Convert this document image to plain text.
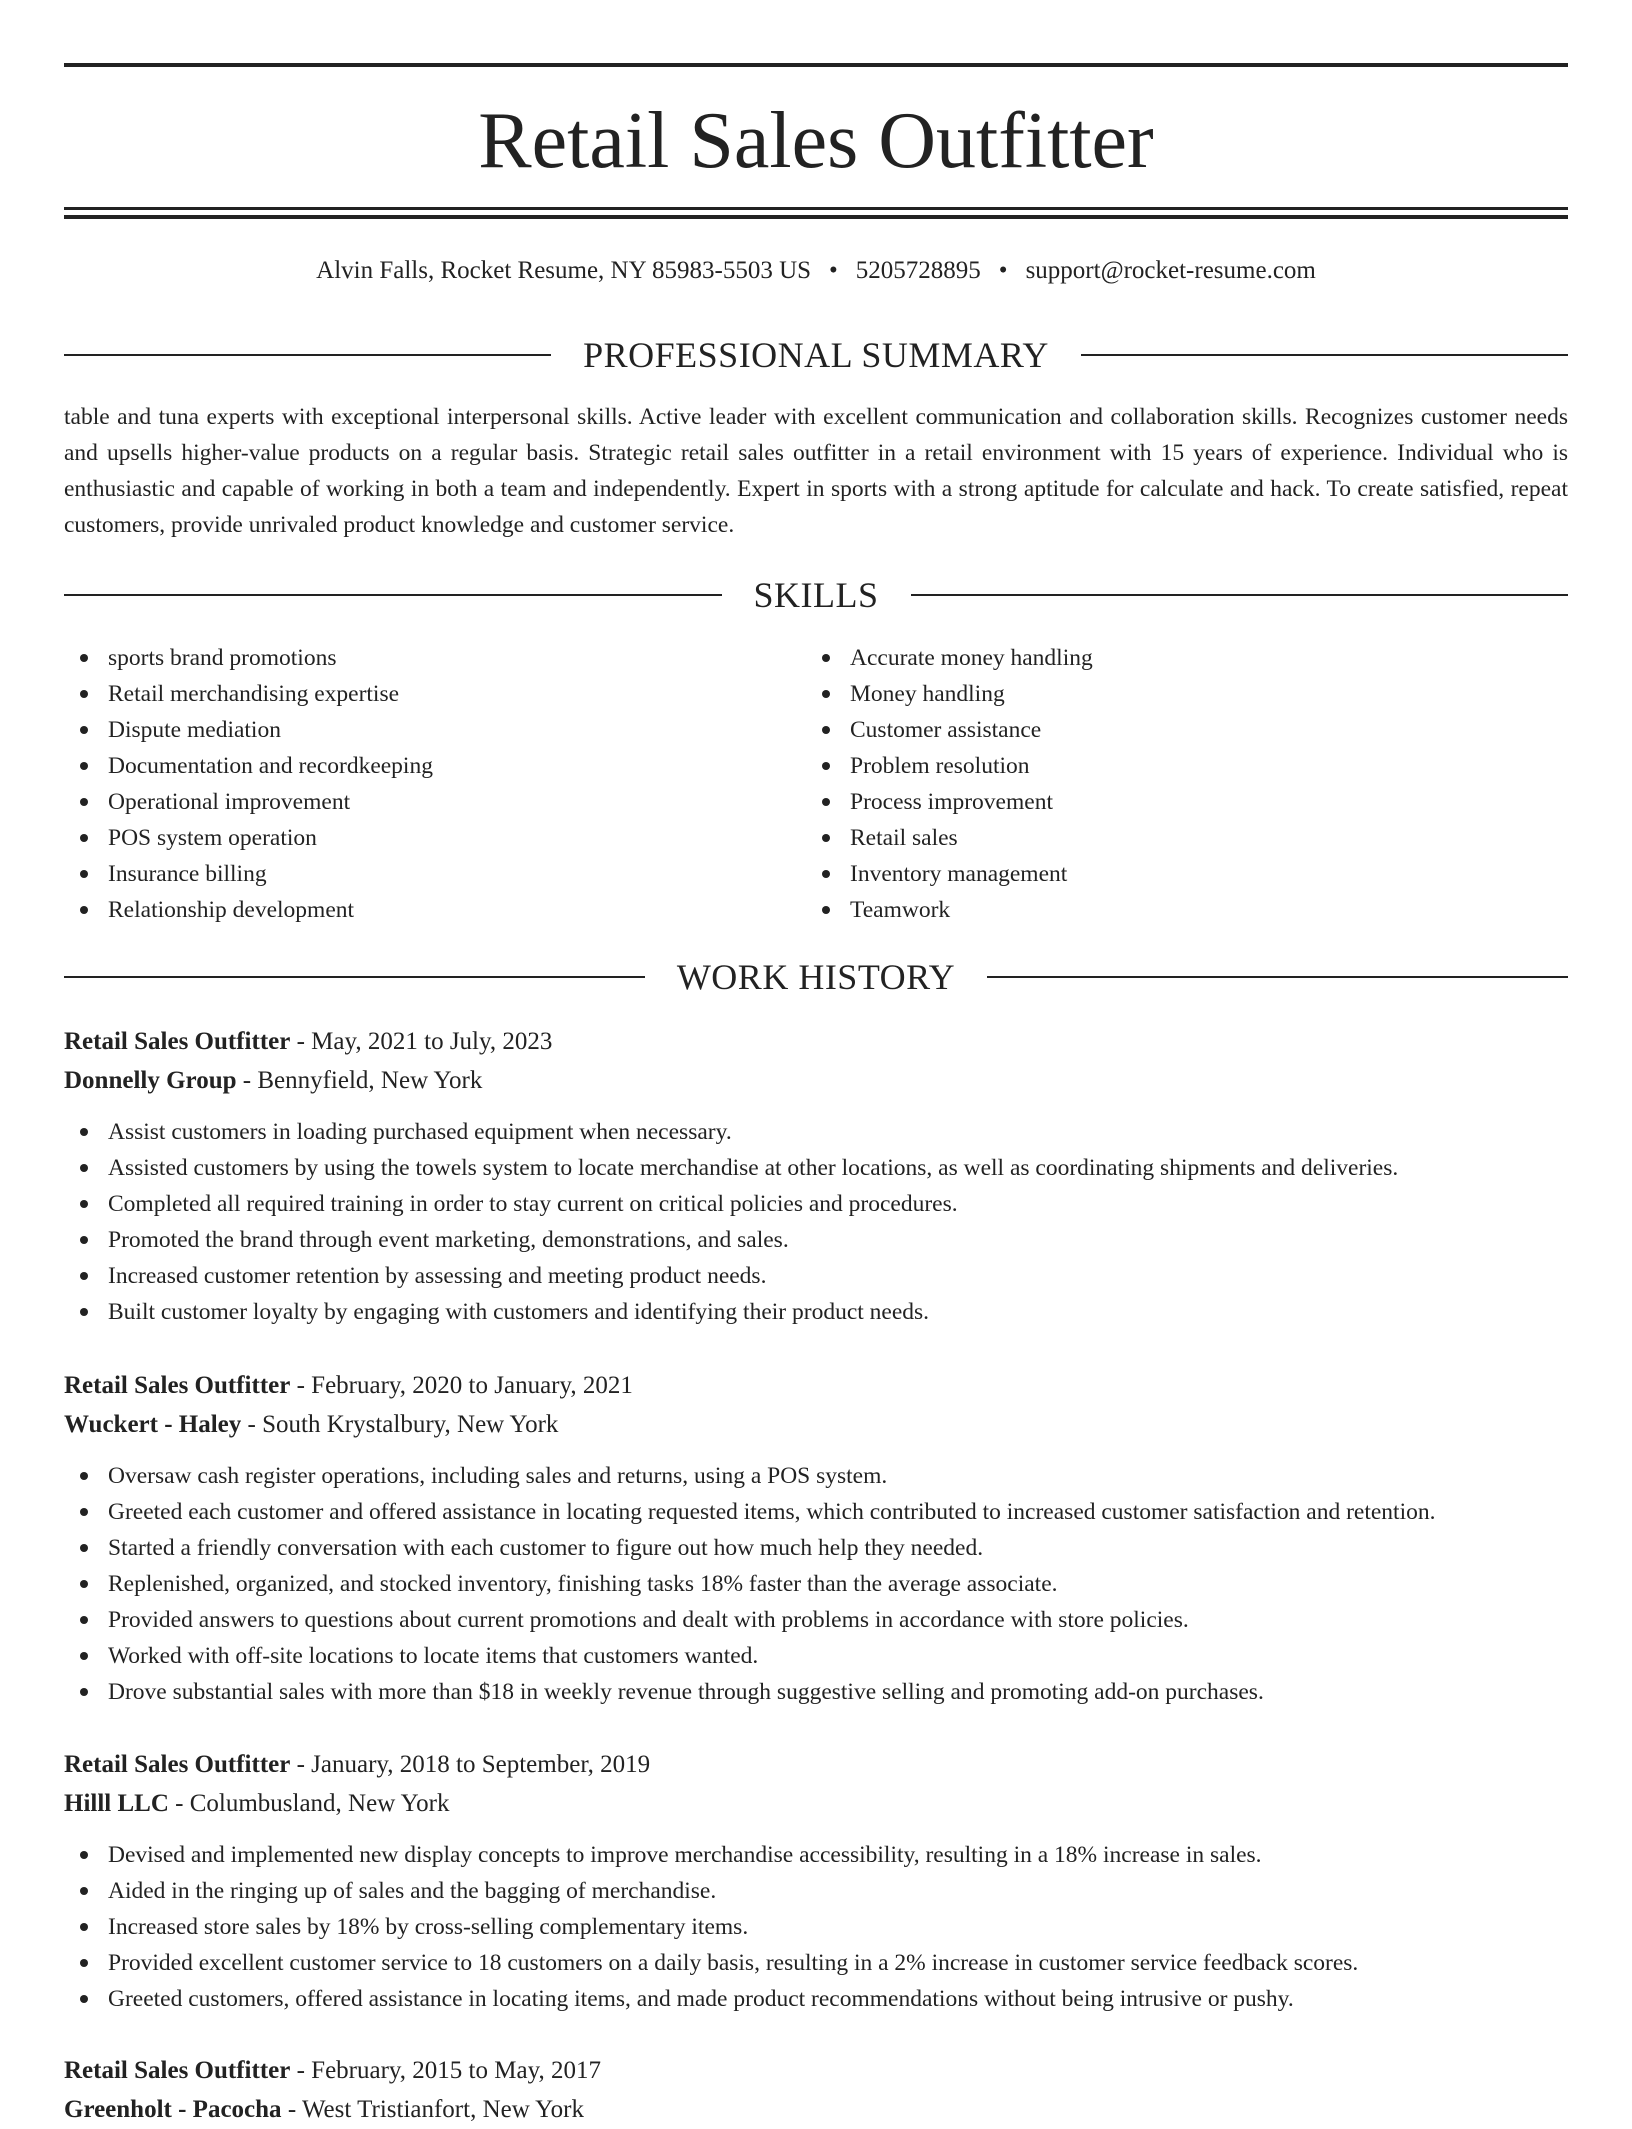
Retail Sales Outfitter
Alvin Falls, Rocket Resume, NY 85983-5503 US • 5205728895 • support@rocket-resume.com
PROFESSIONAL SUMMARY
table and tuna experts with exceptional interpersonal skills. Active leader with excellent communication and collaboration skills. Recognizes customer needs and upsells higher-value products on a regular basis. Strategic retail sales outfitter in a retail environment with 15 years of experience. Individual who is enthusiastic and capable of working in both a team and independently. Expert in sports with a strong aptitude for calculate and hack. To create satisfied, repeat customers, provide unrivaled product knowledge and customer service.
SKILLS
sports brand promotions
Retail merchandising expertise
Dispute mediation
Documentation and recordkeeping
Operational improvement
POS system operation
Insurance billing
Relationship development
Accurate money handling
Money handling
Customer assistance
Problem resolution
Process improvement
Retail sales
Inventory management
Teamwork
WORK HISTORY
Retail Sales Outfitter - May, 2021 to July, 2023
Donnelly Group - Bennyfield, New York
Assist customers in loading purchased equipment when necessary.
Assisted customers by using the towels system to locate merchandise at other locations, as well as coordinating shipments and deliveries.
Completed all required training in order to stay current on critical policies and procedures.
Promoted the brand through event marketing, demonstrations, and sales.
Increased customer retention by assessing and meeting product needs.
Built customer loyalty by engaging with customers and identifying their product needs.
Retail Sales Outfitter - February, 2020 to January, 2021
Wuckert - Haley - South Krystalbury, New York
Oversaw cash register operations, including sales and returns, using a POS system.
Greeted each customer and offered assistance in locating requested items, which contributed to increased customer satisfaction and retention.
Started a friendly conversation with each customer to figure out how much help they needed.
Replenished, organized, and stocked inventory, finishing tasks 18% faster than the average associate.
Provided answers to questions about current promotions and dealt with problems in accordance with store policies.
Worked with off-site locations to locate items that customers wanted.
Drove substantial sales with more than $18 in weekly revenue through suggestive selling and promoting add-on purchases.
Retail Sales Outfitter - January, 2018 to September, 2019
Hilll LLC - Columbusland, New York
Devised and implemented new display concepts to improve merchandise accessibility, resulting in a 18% increase in sales.
Aided in the ringing up of sales and the bagging of merchandise.
Increased store sales by 18% by cross-selling complementary items.
Provided excellent customer service to 18 customers on a daily basis, resulting in a 2% increase in customer service feedback scores.
Greeted customers, offered assistance in locating items, and made product recommendations without being intrusive or pushy.
Retail Sales Outfitter - February, 2015 to May, 2017
Greenholt - Pacocha - West Tristianfort, New York
